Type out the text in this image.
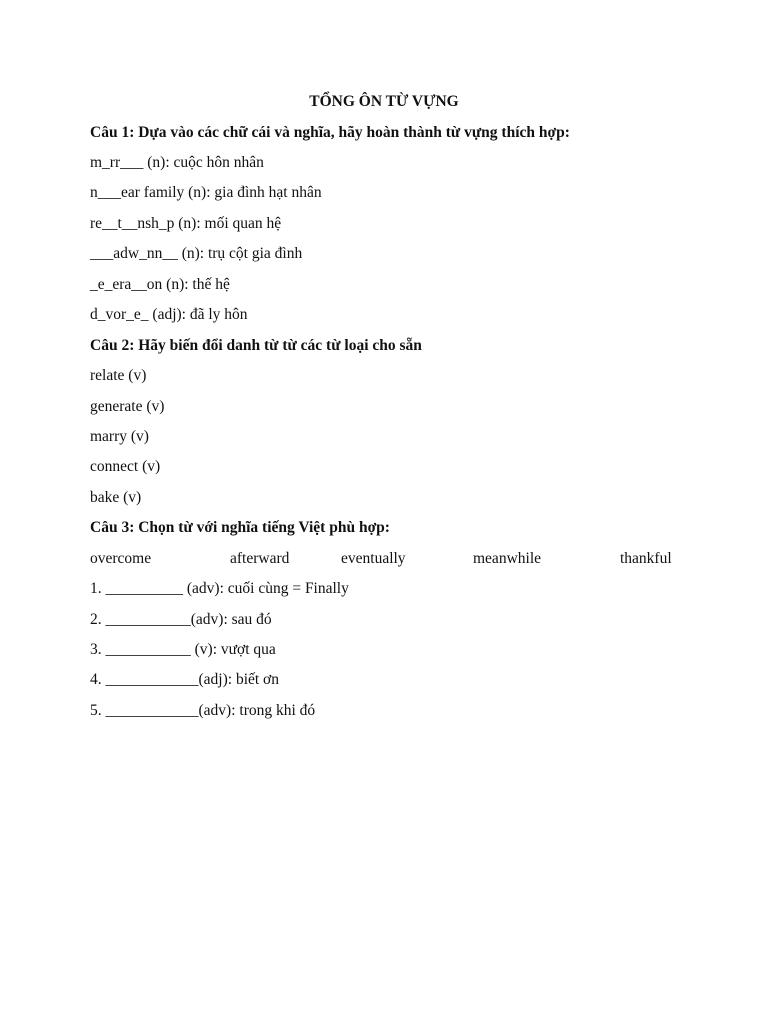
TỔNG ÔN TỪ VỰNG
Câu 1: Dựa vào các chữ cái và nghĩa, hãy hoàn thành từ vựng thích hợp:
m_rr___ (n): cuộc hôn nhân
n___ear family (n): gia đình hạt nhân
re__t__nsh_p (n): mối quan hệ
___adw_nn__ (n): trụ cột gia đình
_e_era__on (n): thế hệ
d_vor_e_ (adj): đã ly hôn
Câu 2: Hãy biến đổi danh từ từ các từ loại cho sẵn
relate (v)
generate (v)
marry (v)
connect (v)
bake (v)
Câu 3: Chọn từ với nghĩa tiếng Việt phù hợp:
overcome	afterward	eventually	meanwhile	thankful
1. __________ (adv): cuối cùng = Finally
2. ___________(adv): sau đó
3. ___________ (v): vượt qua
4. ____________(adj): biết ơn
5. ____________(adv): trong khi đó
